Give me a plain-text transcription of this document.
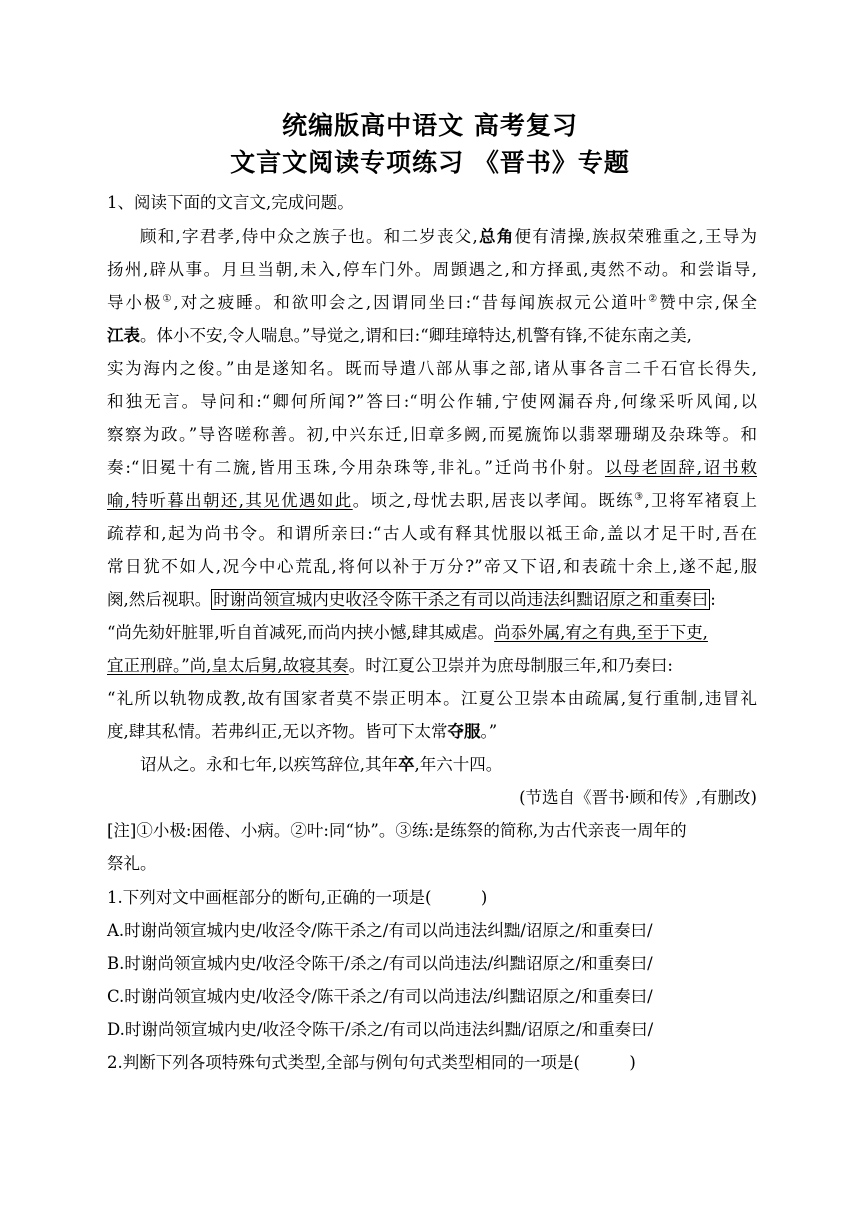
统编版高中语文 高考复习
文言文阅读专项练习 《晋书》专题
1、阅读下面的文言文,完成问题。
顾和,字君孝,侍中众之族子也。和二岁丧父,总角便有清操,族叔荣雅重之,王导为
扬州,辟从事。月旦当朝,未入,停车门外。周顗遇之,和方择虱,夷然不动。和尝诣导,
导小极①,对之疲睡。和欲叩会之,因谓同坐曰:“昔每闻族叔元公道叶②赞中宗,保全
江表。体小不安,令人喘息。”导觉之,谓和曰:“卿珪璋特达,机警有锋,不徒东南之美,
实为海内之俊。”由是遂知名。既而导遣八部从事之部,诸从事各言二千石官长得失,
和独无言。导问和:“卿何所闻?”答曰:“明公作辅,宁使网漏吞舟,何缘采听风闻,以
察察为政。”导咨嗟称善。初,中兴东迁,旧章多阙,而冕旒饰以翡翠珊瑚及杂珠等。和
奏:“旧冕十有二旒,皆用玉珠,今用杂珠等,非礼。”迁尚书仆射。以母老固辞,诏书敕
喻,特听暮出朝还,其见优遇如此。顷之,母忧去职,居丧以孝闻。既练③,卫将军褚裒上
疏荐和,起为尚书令。和谓所亲曰:“古人或有释其忧服以祗王命,盖以才足干时,吾在
常日犹不如人,况今中心荒乱,将何以补于万分?”帝又下诏,和表疏十余上,遂不起,服
阕,然后视职。 时谢尚领宣城内史收泾令陈干杀之有司以尚违法纠黜诏原之和重奏曰 :
“尚先劾奸脏罪,听自首减死,而尚内挟小憾,肆其威虐。尚忝外属,宥之有典,至于下吏,
宜正刑辟。”尚,皇太后舅,故寝其奏。时江夏公卫崇并为庶母制服三年,和乃奏曰:
“礼所以轨物成教,故有国家者莫不崇正明本。江夏公卫崇本由疏属,复行重制,违冒礼
度,肆其私情。若弗纠正,无以齐物。皆可下太常夺服。”
诏从之。永和七年,以疾笃辞位,其年卒,年六十四。
(节选自《晋书·顾和传》,有删改)
[注]①小极:困倦、小病。②叶:同“协”。③练:是练祭的简称,为古代亲丧一周年的
祭礼。
1.下列对文中画框部分的断句,正确的一项是(　　　)
A.时谢尚领宣城内史/收泾令/陈干杀之/有司以尚违法纠黜/诏原之/和重奏曰/
B.时谢尚领宣城内史/收泾令陈干/杀之/有司以尚违法/纠黜诏原之/和重奏曰/
C.时谢尚领宣城内史/收泾令/陈干杀之/有司以尚违法/纠黜诏原之/和重奏曰/
D.时谢尚领宣城内史/收泾令陈干/杀之/有司以尚违法纠黜/诏原之/和重奏曰/
2.判断下列各项特殊句式类型,全部与例句句式类型相同的一项是(　　　)
